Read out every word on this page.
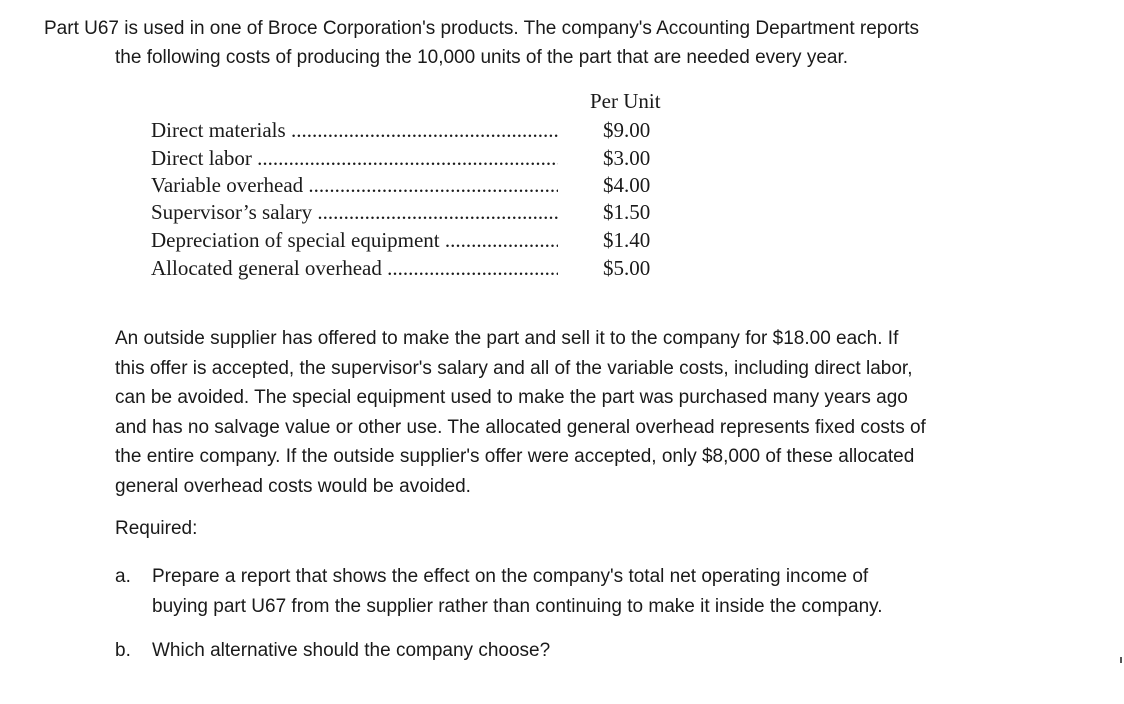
Part U67 is used in one of Broce Corporation's products. The company's Accounting Department reports
the following costs of producing the 10,000 units of the part that are needed every year.
Per Unit
Direct materials .....	$9.00
Direct labor .....	$3.00
Variable overhead .....	$4.00
Supervisor’s salary .....	$1.50
Depreciation of special equipment .....	$1.40
Allocated general overhead .....	$5.00
An outside supplier has offered to make the part and sell it to the company for $18.00 each. If
this offer is accepted, the supervisor's salary and all of the variable costs, including direct labor,
can be avoided. The special equipment used to make the part was purchased many years ago
and has no salvage value or other use. The allocated general overhead represents fixed costs of
the entire company. If the outside supplier's offer were accepted, only $8,000 of these allocated
general overhead costs would be avoided.
Required:
a. Prepare a report that shows the effect on the company's total net operating income of
buying part U67 from the supplier rather than continuing to make it inside the company.
b. Which alternative should the company choose?
